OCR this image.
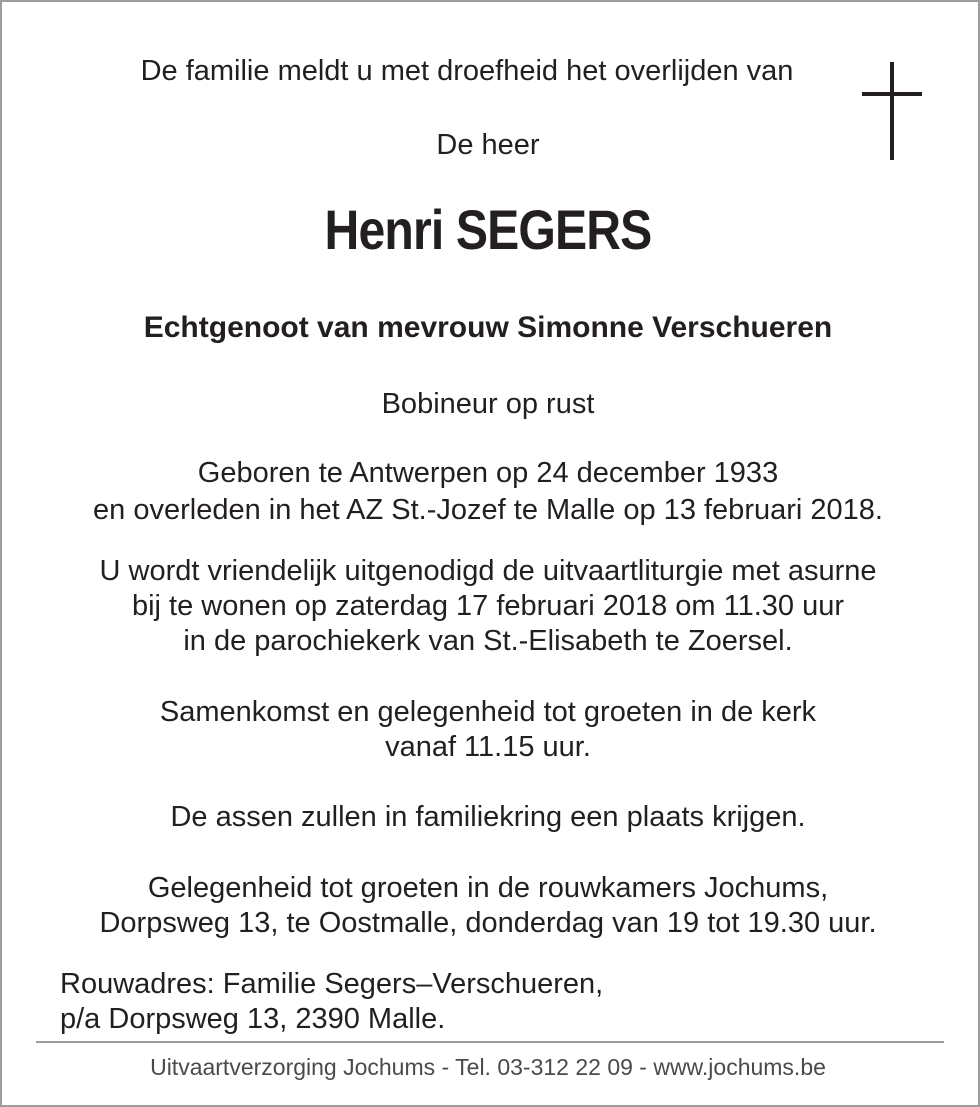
De familie meldt u met droefheid het overlijden van
De heer
Henri SEGERS
Echtgenoot van mevrouw Simonne Verschueren
Bobineur op rust
Geboren te Antwerpen op 24 december 1933
en overleden in het AZ St.-Jozef te Malle op 13 februari 2018.
U wordt vriendelijk uitgenodigd de uitvaartliturgie met asurne
bij te wonen op zaterdag 17 februari 2018 om 11.30 uur
in de parochiekerk van St.-Elisabeth te Zoersel.
Samenkomst en gelegenheid tot groeten in de kerk
vanaf 11.15 uur.
De assen zullen in familiekring een plaats krijgen.
Gelegenheid tot groeten in de rouwkamers Jochums,
Dorpsweg 13, te Oostmalle, donderdag van 19 tot 19.30 uur.
Rouwadres: Familie Segers–Verschueren,
p/a Dorpsweg 13, 2390 Malle.
Uitvaartverzorging Jochums - Tel. 03-312 22 09 - www.jochums.be
